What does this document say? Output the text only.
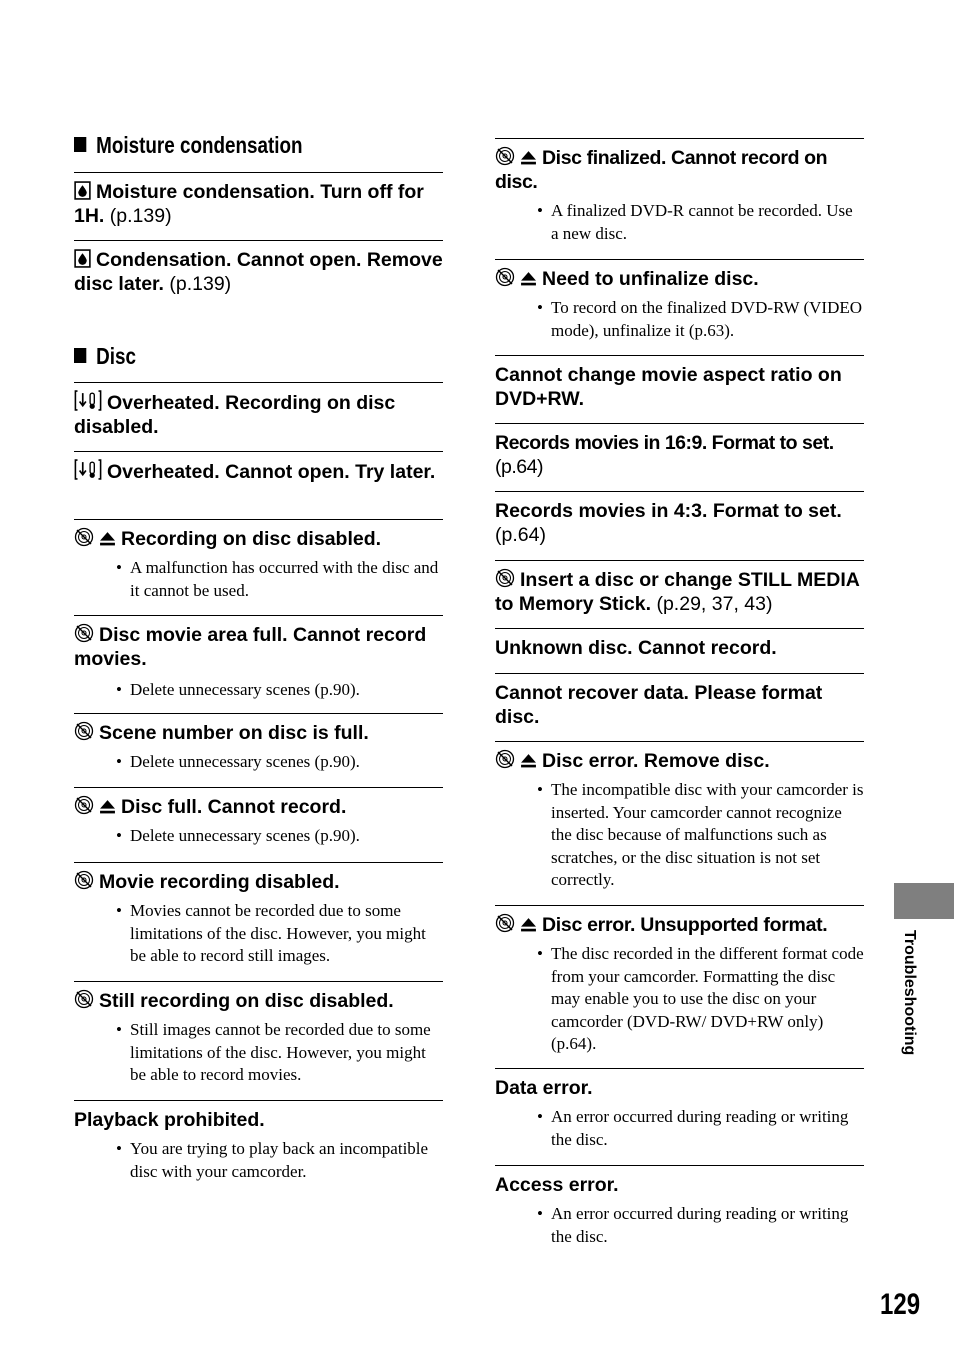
Moisture condensation
Moisture condensation. Turn off for 1H. (p.139)
Condensation. Cannot open. Remove disc later. (p.139)
Disc
Overheated. Recording on disc disabled.
Overheated. Cannot open. Try later.
Recording on disc disabled.
• A malfunction has occurred with the disc and it cannot be used.
Disc movie area full. Cannot record movies.
• Delete unnecessary scenes (p.90).
Scene number on disc is full.
• Delete unnecessary scenes (p.90).
Disc full. Cannot record.
• Delete unnecessary scenes (p.90).
Movie recording disabled.
• Movies cannot be recorded due to some limitations of the disc. However, you might be able to record still images.
Still recording on disc disabled.
• Still images cannot be recorded due to some limitations of the disc. However, you might be able to record movies.
Playback prohibited.
• You are trying to play back an incompatible disc with your camcorder.
Disc finalized. Cannot record on disc.
• A finalized DVD-R cannot be recorded. Use a new disc.
Need to unfinalize disc.
• To record on the finalized DVD-RW (VIDEO mode), unfinalize it (p.63).
Cannot change movie aspect ratio on DVD+RW.
Records movies in 16:9. Format to set. (p.64)
Records movies in 4:3. Format to set. (p.64)
Insert a disc or change STILL MEDIA to Memory Stick. (p.29, 37, 43)
Unknown disc. Cannot record.
Cannot recover data. Please format disc.
Disc error. Remove disc.
• The incompatible disc with your camcorder is inserted. Your camcorder cannot recognize the disc because of malfunctions such as scratches, or the disc situation is not set correctly.
Disc error. Unsupported format.
• The disc recorded in the different format code from your camcorder. Formatting the disc may enable you to use the disc on your camcorder (DVD-RW/ DVD+RW only) (p.64).
Data error.
• An error occurred during reading or writing the disc.
Access error.
• An error occurred during reading or writing the disc.
Troubleshooting
129
